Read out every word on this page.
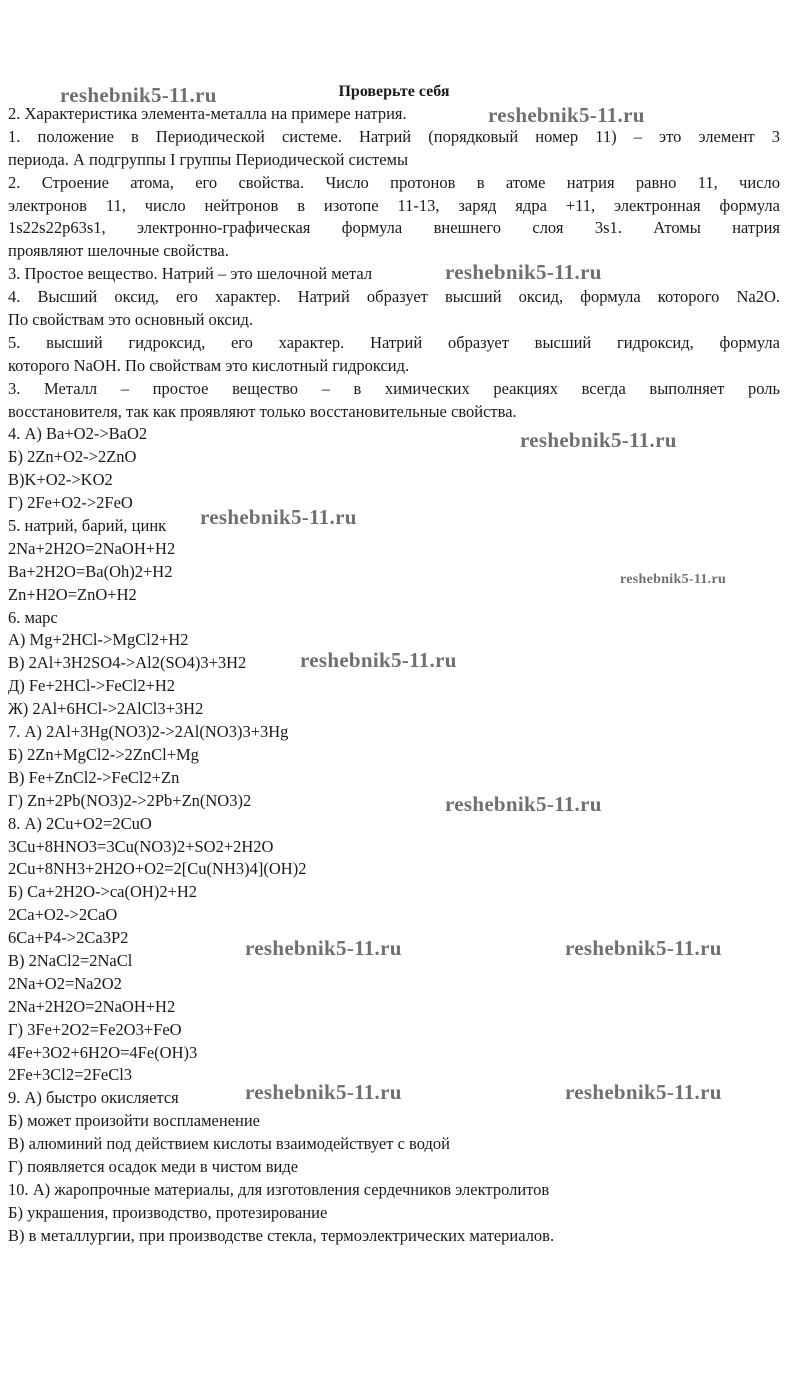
Проверьте себя
2. Характеристика элемента-металла на примере натрия.
1. положение в Периодической системе. Натрий (порядковый номер 11) – это элемент 3
периода. А подгруппы I группы Периодической системы
2. Строение атома, его свойства. Число протонов в атоме натрия равно 11, число
электронов 11, число нейтронов в изотопе 11-13, заряд ядра +11, электронная формула
1s22s22p63s1, электронно-графическая формула внешнего слоя 3s1. Атомы натрия
проявляют шелочные свойства.
3. Простое вещество. Натрий – это шелочной метал
4. Высший оксид, его характер. Натрий образует высший оксид, формула которого Na2O.
По свойствам это основный оксид.
5. высший гидроксид, его характер. Натрий образует высший гидроксид, формула
которого NaOH. По свойствам это кислотный гидроксид.
3. Металл – простое вещество – в химических реакциях всегда выполняет роль
восстановителя, так как проявляют только восстановительные свойства.
4. А) Ba+O2->BaO2
Б) 2Zn+O2->2ZnO
В)K+O2->KO2
Г) 2Fe+O2->2FeO
5. натрий, барий, цинк
2Na+2H2O=2NaOH+H2
Ba+2H2O=Ba(Oh)2+H2
Zn+H2O=ZnO+H2
6. марс
А) Mg+2HCl->MgCl2+H2
В) 2Al+3H2SO4->Al2(SO4)3+3H2
Д) Fe+2HCl->FeCl2+H2
Ж) 2Al+6HCl->2AlCl3+3H2
7. А) 2Al+3Hg(NO3)2->2Al(NO3)3+3Hg
Б) 2Zn+MgCl2->2ZnCl+Mg
В) Fe+ZnCl2->FeCl2+Zn
Г) Zn+2Pb(NO3)2->2Pb+Zn(NO3)2
8. А) 2Cu+O2=2CuO
3Cu+8HNO3=3Cu(NO3)2+SO2+2H2O
2Cu+8NH3+2H2O+O2=2[Cu(NH3)4](OH)2
Б) Ca+2H2O->ca(OH)2+H2
2Ca+O2->2CaO
6Ca+P4->2Ca3P2
В) 2NaCl2=2NaCl
2Na+O2=Na2O2
2Na+2H2O=2NaOH+H2
Г) 3Fe+2O2=Fe2O3+FeO
4Fe+3O2+6H2O=4Fe(OH)3
2Fe+3Cl2=2FeCl3
9. А) быстро окисляется
Б) может произойти воспламенение
В) алюминий под действием кислоты взаимодействует с водой
Г) появляется осадок меди в чистом виде
10. А) жаропрочные материалы, для изготовления сердечников электролитов
Б) украшения, производство, протезирование
В) в металлургии, при производстве стекла, термоэлектрических материалов.
reshebnik5-11.ru
reshebnik5-11.ru
reshebnik5-11.ru
reshebnik5-11.ru
reshebnik5-11.ru
reshebnik5-11.ru
reshebnik5-11.ru
reshebnik5-11.ru
reshebnik5-11.ru	reshebnik5-11.ru
reshebnik5-11.ru	reshebnik5-11.ru
